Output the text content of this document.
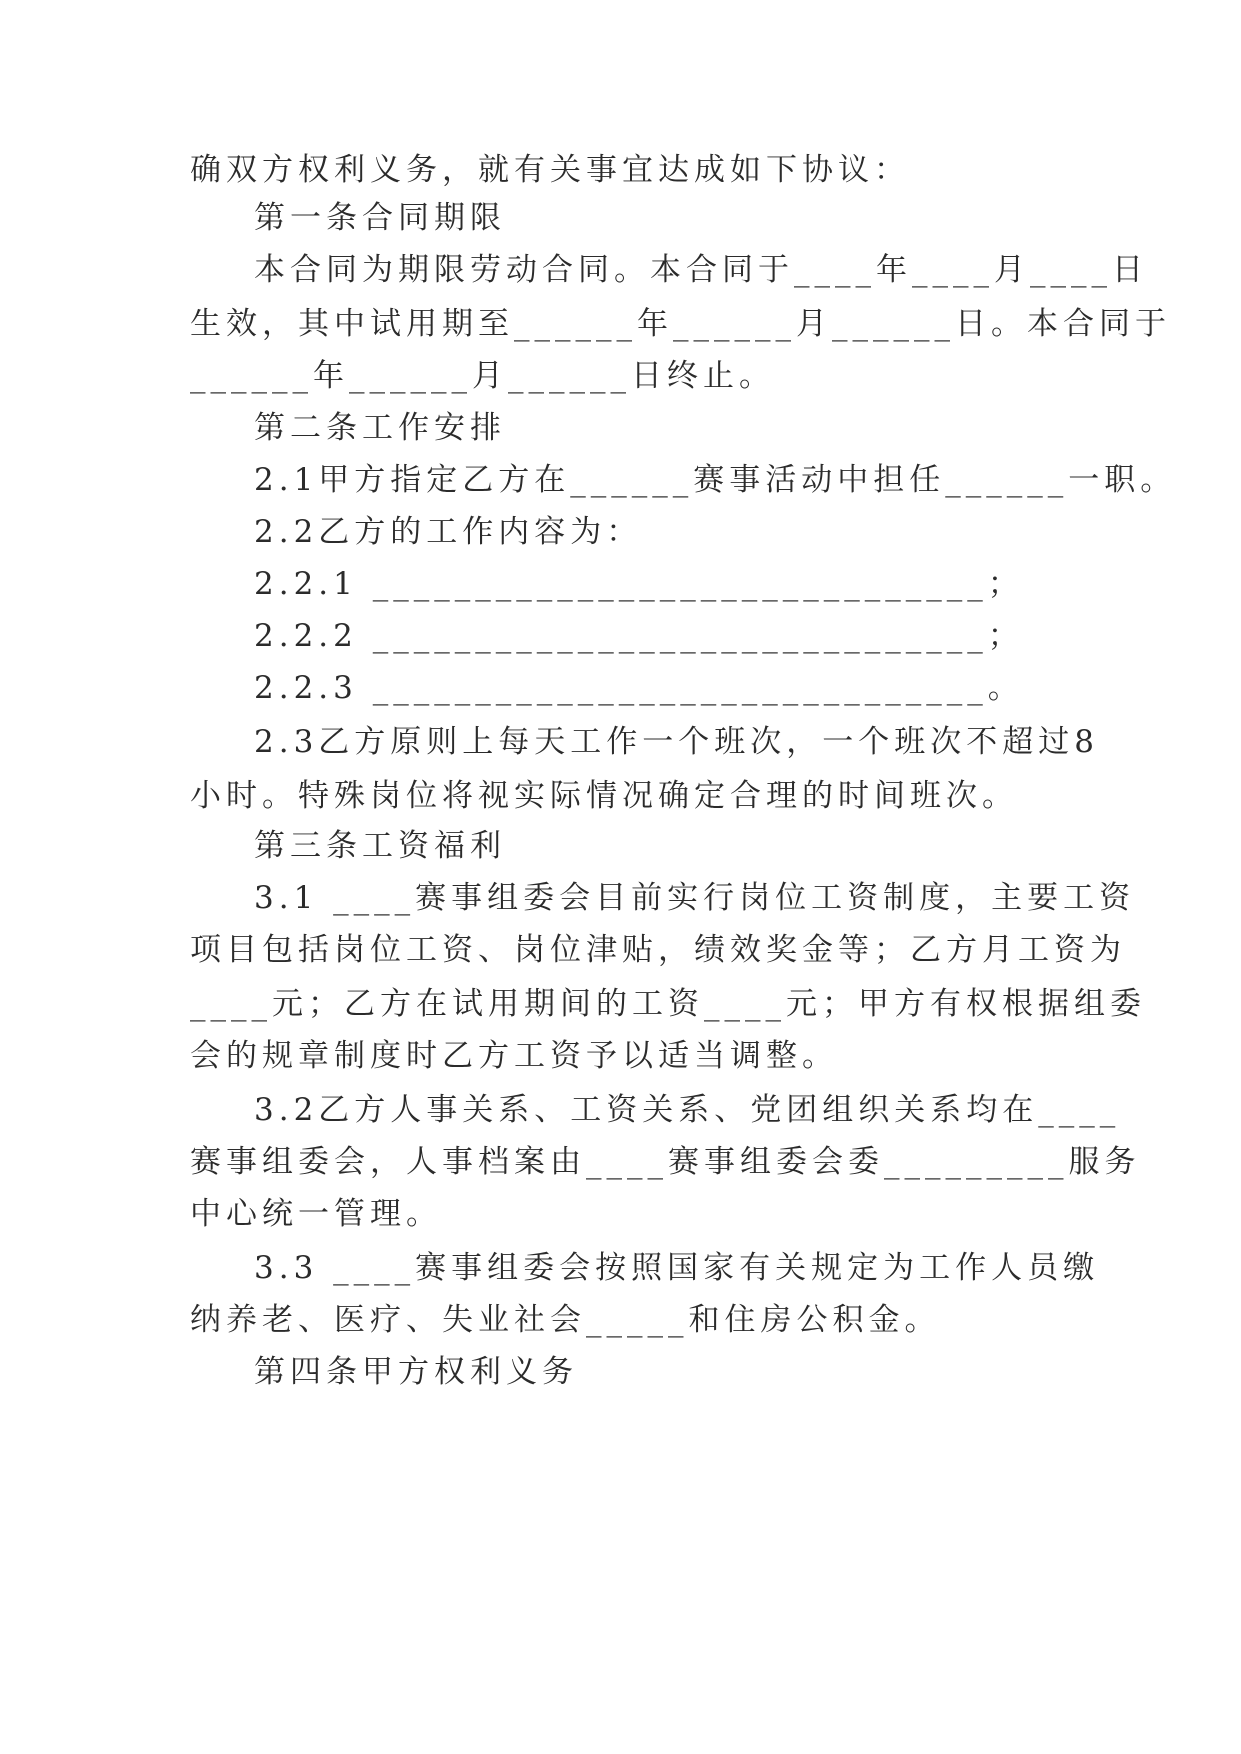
确双方权利义务，就有关事宜达成如下协议：
第一条合同期限
本合同为期限劳动合同。本合同于____年____月____日
生效，其中试用期至______年______月______日。本合同于
______年______月______日终止。
第二条工作安排
2.1甲方指定乙方在______赛事活动中担任______一职。
2.2乙方的工作内容为：
2.2.1 ______________________________；
2.2.2 ______________________________；
2.2.3 ______________________________。
2.3乙方原则上每天工作一个班次，一个班次不超过8
小时。特殊岗位将视实际情况确定合理的时间班次。
第三条工资福利
3.1 ____赛事组委会目前实行岗位工资制度，主要工资
项目包括岗位工资、岗位津贴，绩效奖金等；乙方月工资为
____元；乙方在试用期间的工资____元；甲方有权根据组委
会的规章制度时乙方工资予以适当调整。
3.2乙方人事关系、工资关系、党团组织关系均在____
赛事组委会，人事档案由____赛事组委会委_________服务
中心统一管理。
3.3 ____赛事组委会按照国家有关规定为工作人员缴
纳养老、医疗、失业社会_____和住房公积金。
第四条甲方权利义务
